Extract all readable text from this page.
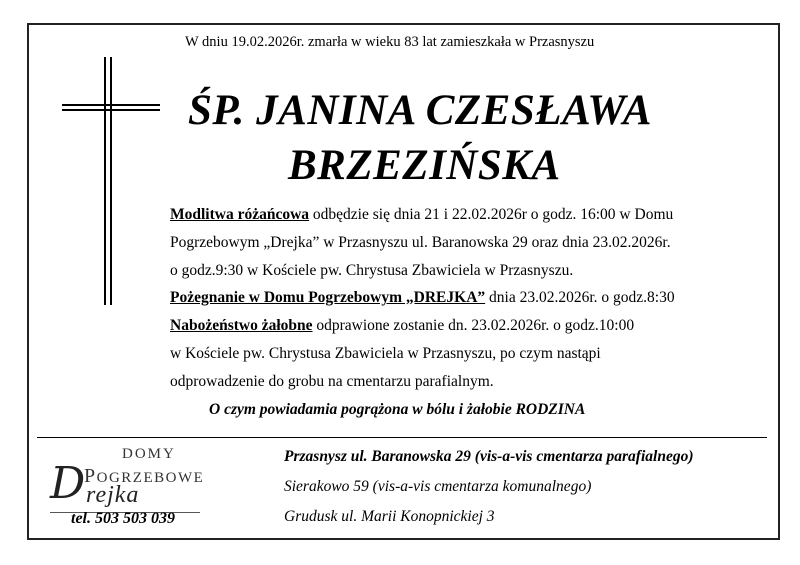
W dniu 19.02.2026r. zmarła w wieku 83 lat zamieszkała w Przasnyszu
ŚP. JANINA CZESŁAWA
BRZEZIŃSKA
Modlitwa różańcowa odbędzie się dnia 21 i 22.02.2026r o godz. 16:00 w Domu
Pogrzebowym „Drejka” w Przasnyszu ul. Baranowska 29 oraz dnia 23.02.2026r.
o godz.9:30 w Kościele pw. Chrystusa Zbawiciela w Przasnyszu.
Pożegnanie w Domu Pogrzebowym „DREJKA” dnia 23.02.2026r. o godz.8:30
Nabożeństwo żałobne odprawione zostanie dn. 23.02.2026r. o godz.10:00
w Kościele pw. Chrystusa Zbawiciela w Przasnyszu, po czym nastąpi
odprowadzenie do grobu na cmentarzu parafialnym.
O czym powiadamia pogrążona w bólu i żałobie RODZINA
DOMY
POGRZEBOWE
D rejka
tel. 503 503 039
Przasnysz ul. Baranowska 29 (vis-a-vis cmentarza parafialnego)
Sierakowo 59 (vis-a-vis cmentarza komunalnego)
Grudusk ul. Marii Konopnickiej 3
